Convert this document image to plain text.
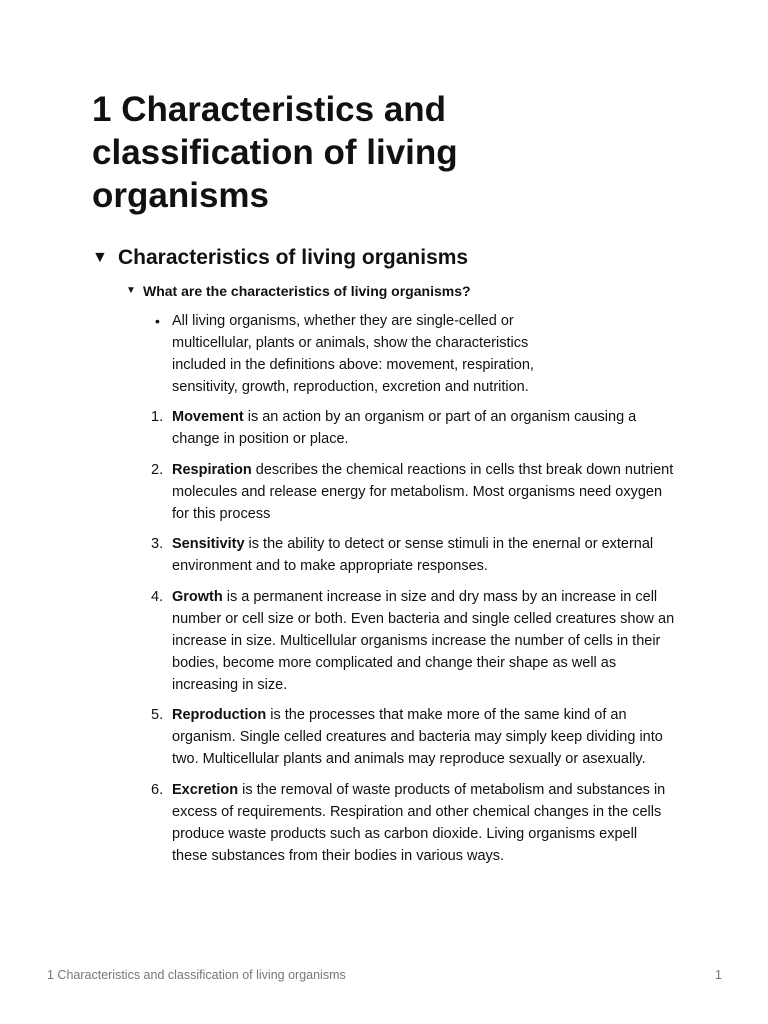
1 Characteristics and classification of living organisms
▼ Characteristics of living organisms
▼ What are the characteristics of living organisms?
• All living organisms, whether they are single-celled or multicellular, plants or animals, show the characteristics included in the definitions above: movement, respiration, sensitivity, growth, reproduction, excretion and nutrition.
1. Movement is an action by an organism or part of an organism causing a change in position or place.
2. Respiration describes the chemical reactions in cells thst break down nutrient molecules and release energy for metabolism. Most organisms need oxygen for this process
3. Sensitivity is the ability to detect or sense stimuli in the enernal or external environment and to make appropriate responses.
4. Growth is a permanent increase in size and dry mass by an increase in cell number or cell size or both. Even bacteria and single celled creatures show an increase in size. Multicellular organisms increase the number of cells in their bodies, become more complicated and change their shape as well as increasing in size.
5. Reproduction is the processes that make more of the same kind of an organism. Single celled creatures and bacteria may simply keep dividing into two. Multicellular plants and animals may reproduce sexually or asexually.
6. Excretion is the removal of waste products of metabolism and substances in excess of requirements. Respiration and other chemical changes in the cells produce waste products such as carbon dioxide. Living organisms expell these substances from their bodies in various ways.
1 Characteristics and classification of living organisms	1
